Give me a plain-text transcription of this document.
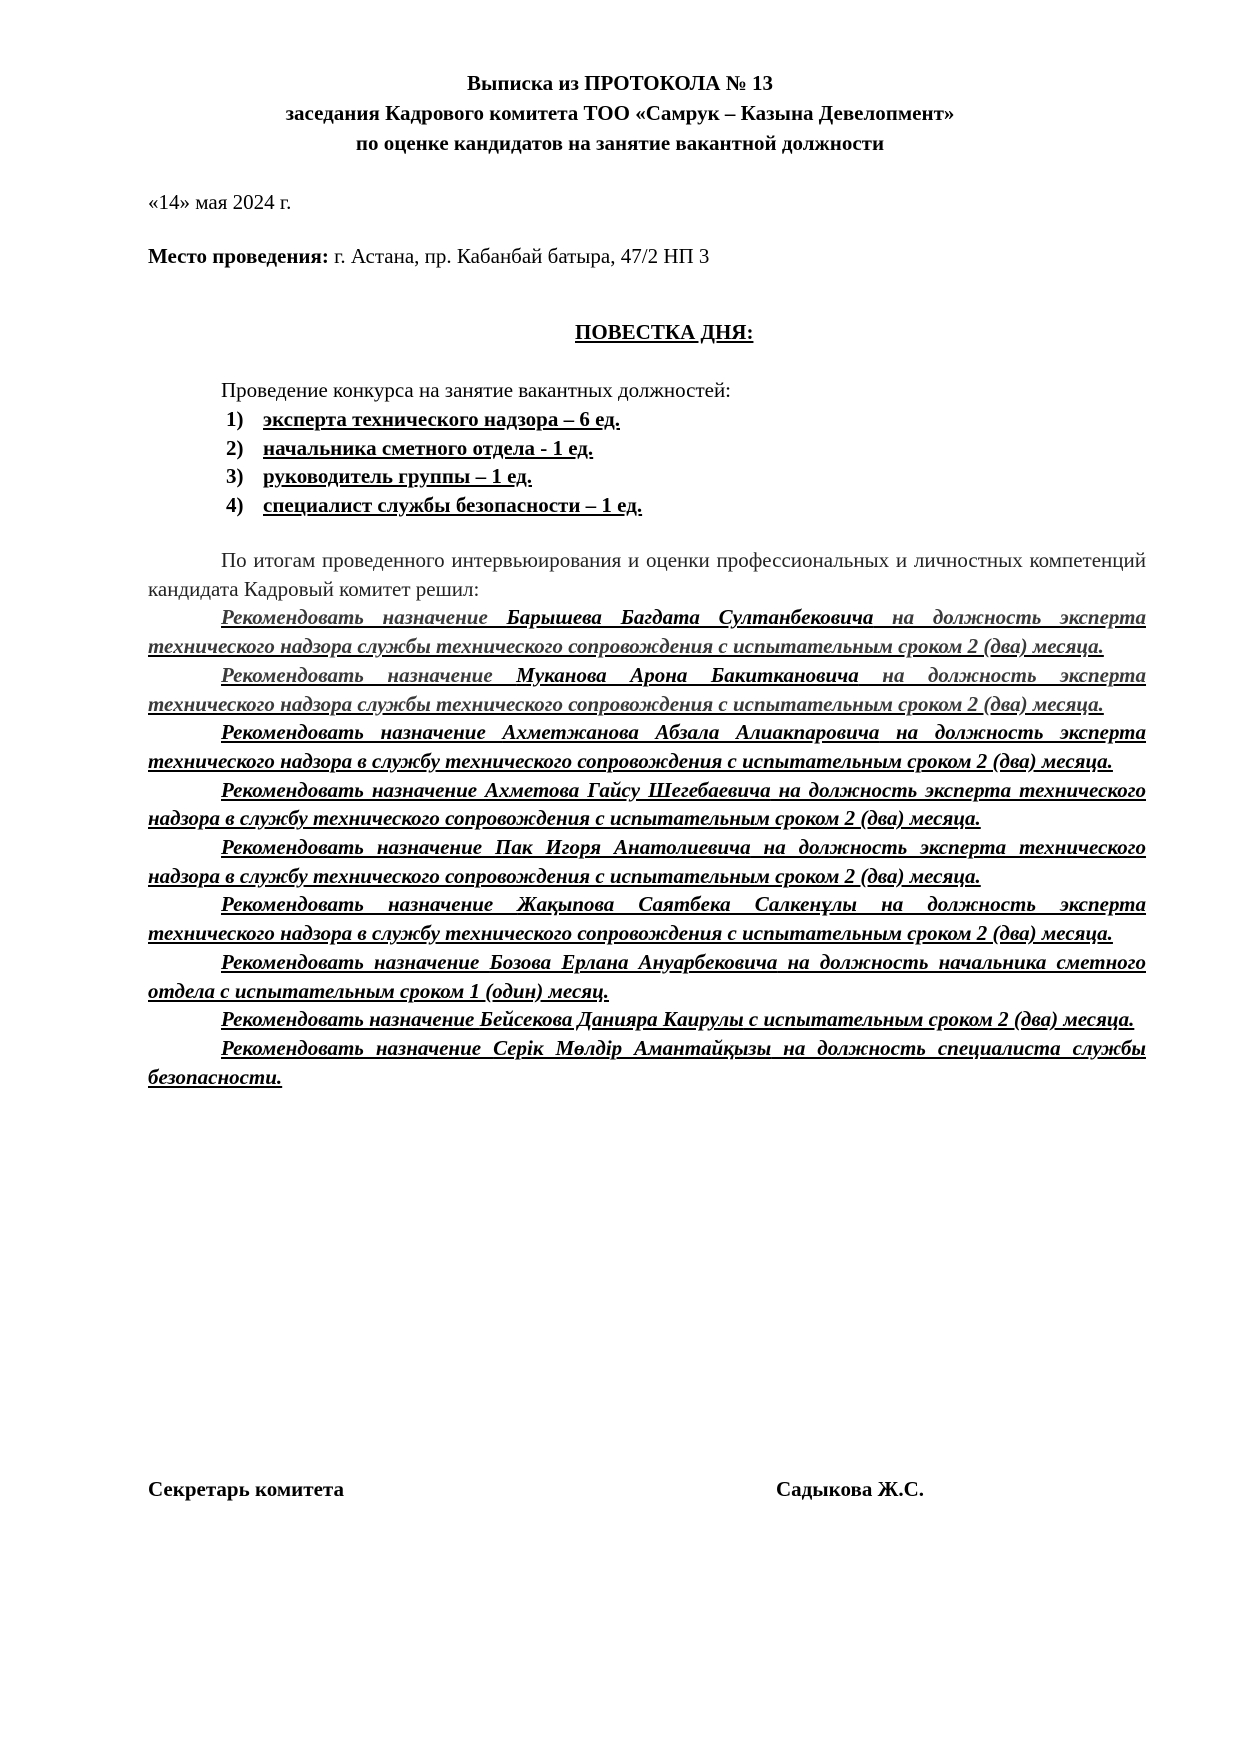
Выписка из ПРОТОКОЛА № 13
заседания Кадрового комитета ТОО «Самрук – Казына Девелопмент»
по оценке кандидатов на занятие вакантной должности
«14» мая 2024 г.
Место проведения: г. Астана, пр. Кабанбай батыра, 47/2 НП 3
ПОВЕСТКА ДНЯ:
Проведение конкурса на занятие вакантных должностей:
1) эксперта технического надзора – 6 ед.
2) начальника сметного отдела - 1 ед.
3) руководитель группы – 1 ед.
4) специалист службы безопасности – 1 ед.

По итогам проведенного интервьюирования и оценки профессиональных и личностных компетенций кандидата Кадровый комитет решил:

Рекомендовать назначение Барышева Багдата Султанбековича на должность эксперта технического надзора службы технического сопровождения с испытательным сроком 2 (два) месяца.

Рекомендовать назначение Муканова Арона Бакиткановича на должность эксперта технического надзора службы технического сопровождения с испытательным сроком 2 (два) месяца.

Рекомендовать назначение Ахметжанова Абзала Алиакпаровича на должность эксперта технического надзора в службу технического сопровождения с испытательным сроком 2 (два) месяца.

Рекомендовать назначение Ахметова Гайсу Шегебаевича на должность эксперта технического надзора в службу технического сопровождения с испытательным сроком 2 (два) месяца.

Рекомендовать назначение Пак Игоря Анатолиевича на должность эксперта технического надзора в службу технического сопровождения с испытательным сроком 2 (два) месяца.

Рекомендовать назначение Жақыпова Саятбека Салкенұлы на должность эксперта технического надзора в службу технического сопровождения с испытательным сроком 2 (два) месяца.

Рекомендовать назначение Бозова Ерлана Ануарбековича на должность начальника сметного отдела с испытательным сроком 1 (один) месяц.

Рекомендовать назначение Бейсекова Данияра Каирулы с испытательным сроком 2 (два) месяца.

Рекомендовать назначение Серік Мөлдір Амантайқызы на должность специалиста службы безопасности.

Секретарь комитета	Садыкова Ж.С.
